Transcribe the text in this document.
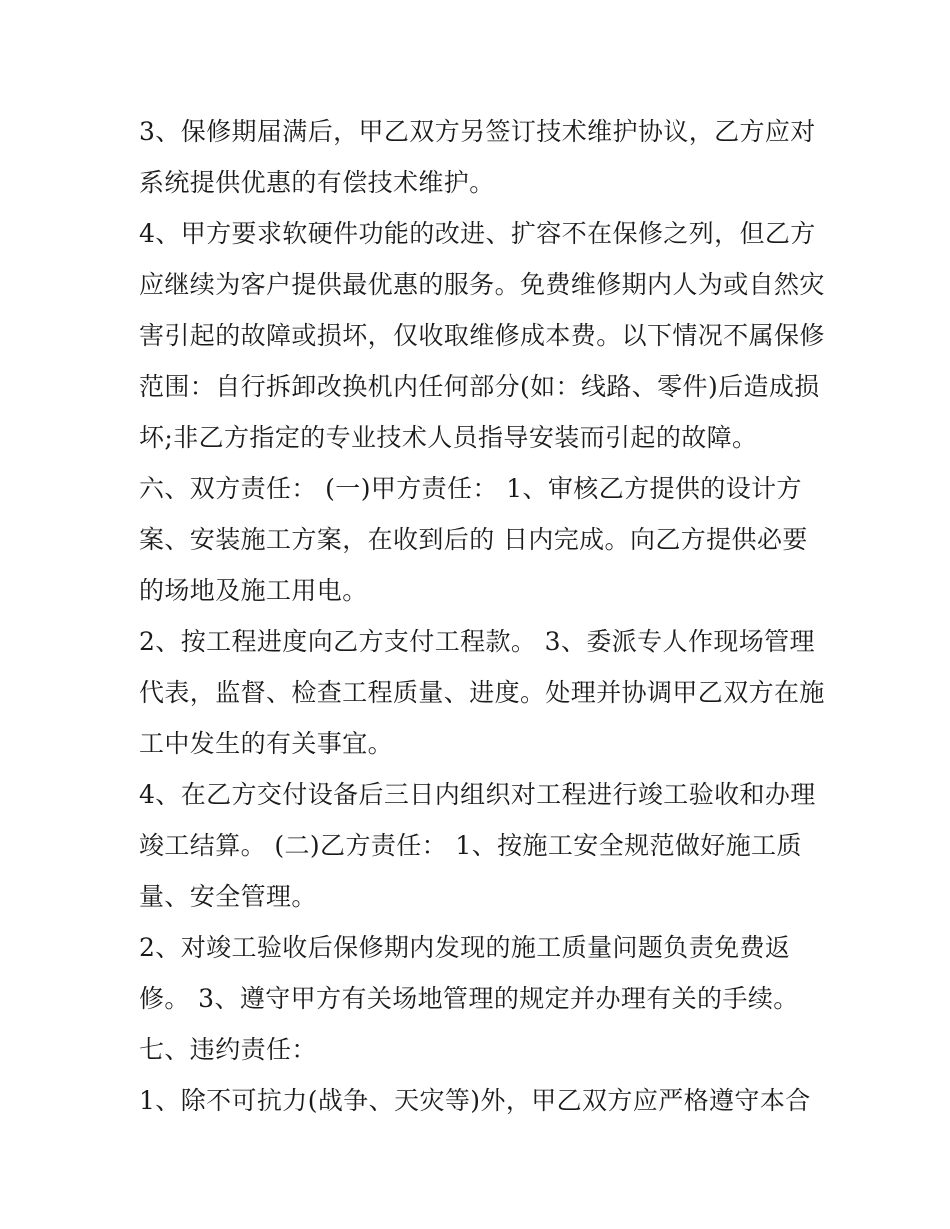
3、保修期届满后，甲乙双方另签订技术维护协议，乙方应对
系统提供优惠的有偿技术维护。
4、甲方要求软硬件功能的改进、扩容不在保修之列，但乙方
应继续为客户提供最优惠的服务。免费维修期内人为或自然灾
害引起的故障或损坏，仅收取维修成本费。以下情况不属保修
范围：自行拆卸改换机内任何部分(如：线路、零件)后造成损
坏;非乙方指定的专业技术人员指导安装而引起的故障。
六、双方责任： (一)甲方责任： 1、审核乙方提供的设计方
案、安装施工方案，在收到后的 日内完成。向乙方提供必要
的场地及施工用电。
2、按工程进度向乙方支付工程款。 3、委派专人作现场管理
代表，监督、检查工程质量、进度。处理并协调甲乙双方在施
工中发生的有关事宜。
4、在乙方交付设备后三日内组织对工程进行竣工验收和办理
竣工结算。 (二)乙方责任： 1、按施工安全规范做好施工质
量、安全管理。
2、对竣工验收后保修期内发现的施工质量问题负责免费返
修。 3、遵守甲方有关场地管理的规定并办理有关的手续。
七、违约责任：
1、除不可抗力(战争、天灾等)外，甲乙双方应严格遵守本合
